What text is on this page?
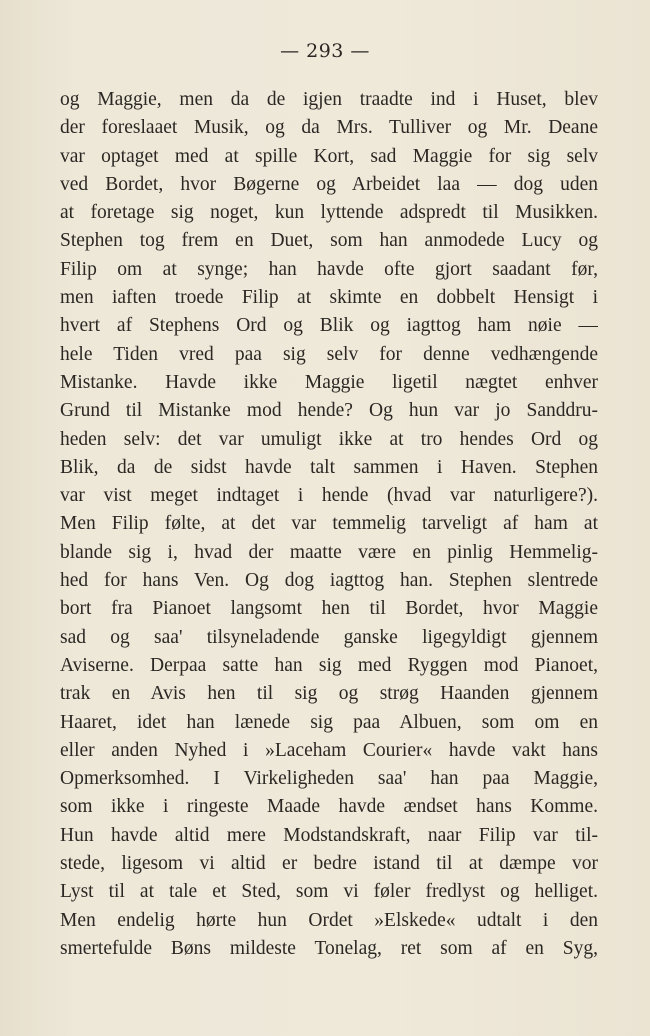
— 293 —
og Maggie, men da de igjen traadte ind i Huset, blev
der foreslaaet Musik, og da Mrs. Tulliver og Mr. Deane
var optaget med at spille Kort, sad Maggie for sig selv
ved Bordet, hvor Bøgerne og Arbeidet laa — dog uden
at foretage sig noget, kun lyttende adspredt til Musikken.
Stephen tog frem en Duet, som han anmodede Lucy og
Filip om at synge; han havde ofte gjort saadant før,
men iaften troede Filip at skimte en dobbelt Hensigt i
hvert af Stephens Ord og Blik og iagttog ham nøie —
hele Tiden vred paa sig selv for denne vedhængende
Mistanke. Havde ikke Maggie ligetil nægtet enhver
Grund til Mistanke mod hende? Og hun var jo Sanddru-
heden selv: det var umuligt ikke at tro hendes Ord og
Blik, da de sidst havde talt sammen i Haven. Stephen
var vist meget indtaget i hende (hvad var naturligere?).
Men Filip følte, at det var temmelig tarveligt af ham at
blande sig i, hvad der maatte være en pinlig Hemmelig-
hed for hans Ven. Og dog iagttog han. Stephen slentrede
bort fra Pianoet langsomt hen til Bordet, hvor Maggie
sad og saa' tilsyneladende ganske ligegyldigt gjennem
Aviserne. Derpaa satte han sig med Ryggen mod Pianoet,
trak en Avis hen til sig og strøg Haanden gjennem
Haaret, idet han lænede sig paa Albuen, som om en
eller anden Nyhed i »Laceham Courier« havde vakt hans
Opmerksomhed. I Virkeligheden saa' han paa Maggie,
som ikke i ringeste Maade havde ændset hans Komme.
Hun havde altid mere Modstandskraft, naar Filip var til-
stede, ligesom vi altid er bedre istand til at dæmpe vor
Lyst til at tale et Sted, som vi føler fredlyst og helliget.
Men endelig hørte hun Ordet »Elskede« udtalt i den
smertefulde Bøns mildeste Tonelag, ret som af en Syg,
